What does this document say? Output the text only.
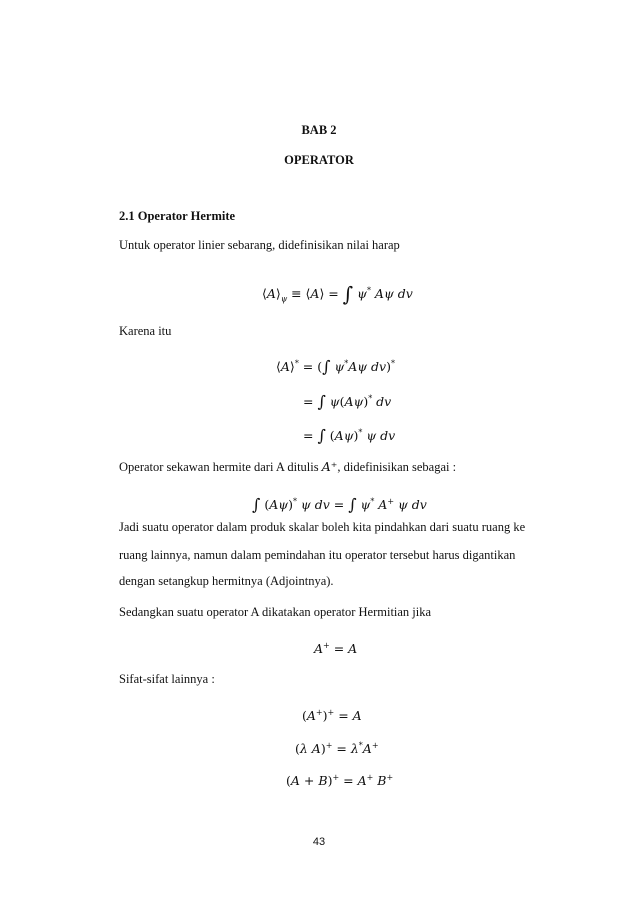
BAB 2
OPERATOR
2.1 Operator Hermite
Untuk operator linier sebarang, didefinisikan nilai harap
$⟨A⟩_\psi$ ≡ ⟨A⟩ = ∫ ψ* Aψ dv
Karena itu
⟨A⟩* = (∫ ψ*Aψ dv)*
= ∫ ψ(Aψ)* dv
= ∫ (Aψ)* ψ dv
Operator sekawan hermite dari A ditulis A⁺, didefinisikan sebagai :
∫ (Aψ)* ψ dv = ∫ ψ* A+ ψ dv
Jadi suatu operator dalam produk skalar boleh kita pindahkan dari suatu ruang ke
ruang lainnya, namun dalam pemindahan itu operator tersebut harus digantikan
dengan setangkup hermitnya (Adjointnya).
Sedangkan suatu operator A dikatakan operator Hermitian jika
A+ = A
Sifat-sifat lainnya :
(A+)+ = A
(λ A)+ = λ*A+
(A + B)+ = A+ B+
43
